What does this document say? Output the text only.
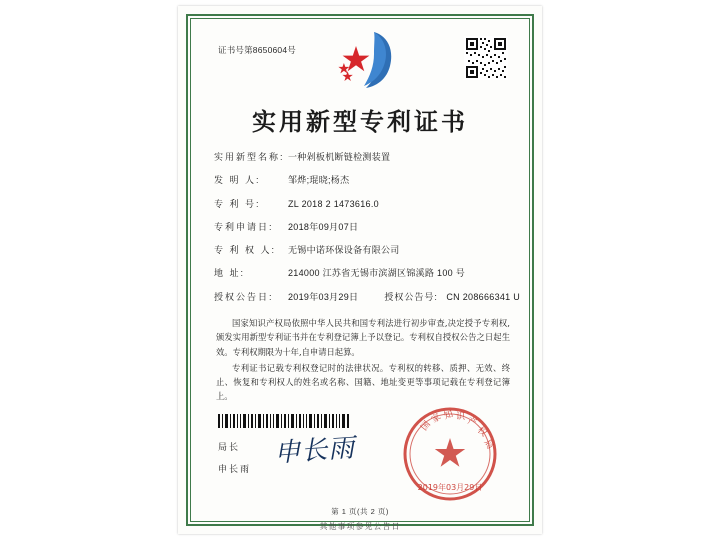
证书号第8650604号
实用新型专利证书
实用新型名称: 一种剁板机断链检测装置
发 明 人:	邹烨;琨晓;杨杰
专 利 号:	ZL 2018 2 1473616.0
专利申请日:	2018年09月07日
专 利 权 人:	无锡中诺环保设备有限公司
地 址:	214000 江苏省无锡市滨湖区锦溪路 100 号
授权公告日:	2019年03月29日	授权公告号: CN 208666341 U

国家知识产权局依照中华人民共和国专利法进行初步审查,决定授予专利权,颁发实用新型专利证书并在专利登记簿上予以登记。专利权自授权公告之日起生效。专利权期限为十年,自申请日起算。

专利证书记载专利权登记时的法律状况。专利权的转移、质押、无效、终止、恢复和专利权人的姓名或名称、国籍、地址变更等事项记载在专利登记簿上。

局长
申长雨
申长雨
国
家 知 识 产
权
局
2019年03月29日
第 1 页(共 2 页)
其他事项参见公告日
